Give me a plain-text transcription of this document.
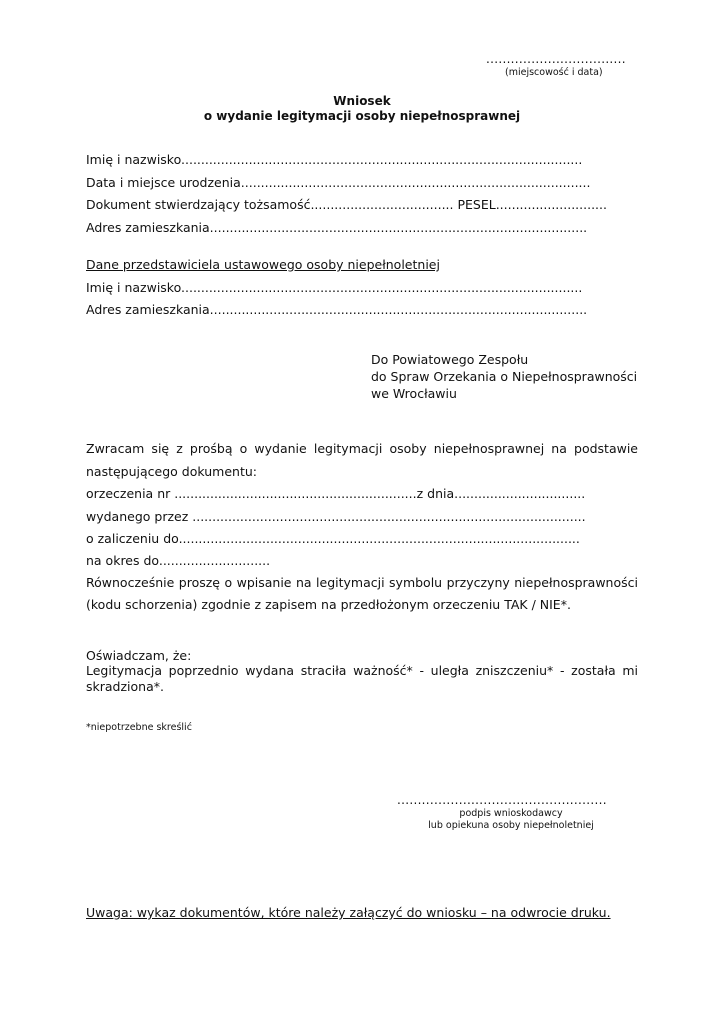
..................................
(miejscowość i data)
Wniosek
o wydanie legitymacji osoby niepełnosprawnej
Imię i nazwisko.....................................................................................................
Data i miejsce urodzenia........................................................................................
Dokument stwierdzający tożsamość.................................... PESEL............................
Adres zamieszkania...............................................................................................
Dane przedstawiciela ustawowego osoby niepełnoletniej
Imię i nazwisko.....................................................................................................
Adres zamieszkania...............................................................................................
Do Powiatowego Zespołu
do Spraw Orzekania o Niepełnosprawności
we Wrocławiu
Zwracam się z prośbą o wydanie legitymacji osoby niepełnosprawnej na podstawie
następującego dokumentu:
orzeczenia nr .............................................................z dnia.................................
wydanego przez ...................................................................................................
o zaliczeniu do.....................................................................................................
na okres do............................
Równocześnie proszę o wpisanie na legitymacji symbolu przyczyny niepełnosprawności
(kodu schorzenia) zgodnie z zapisem na przedłożonym orzeczeniu TAK / NIE*.
Oświadczam, że:
Legitymacja poprzednio wydana straciła ważność* - uległa zniszczeniu* - została mi
skradziona*.
*niepotrzebne skreślić
...................................................
podpis wnioskodawcy
lub opiekuna osoby niepełnoletniej
Uwaga: wykaz dokumentów, które należy załączyć do wniosku – na odwrocie druku.
